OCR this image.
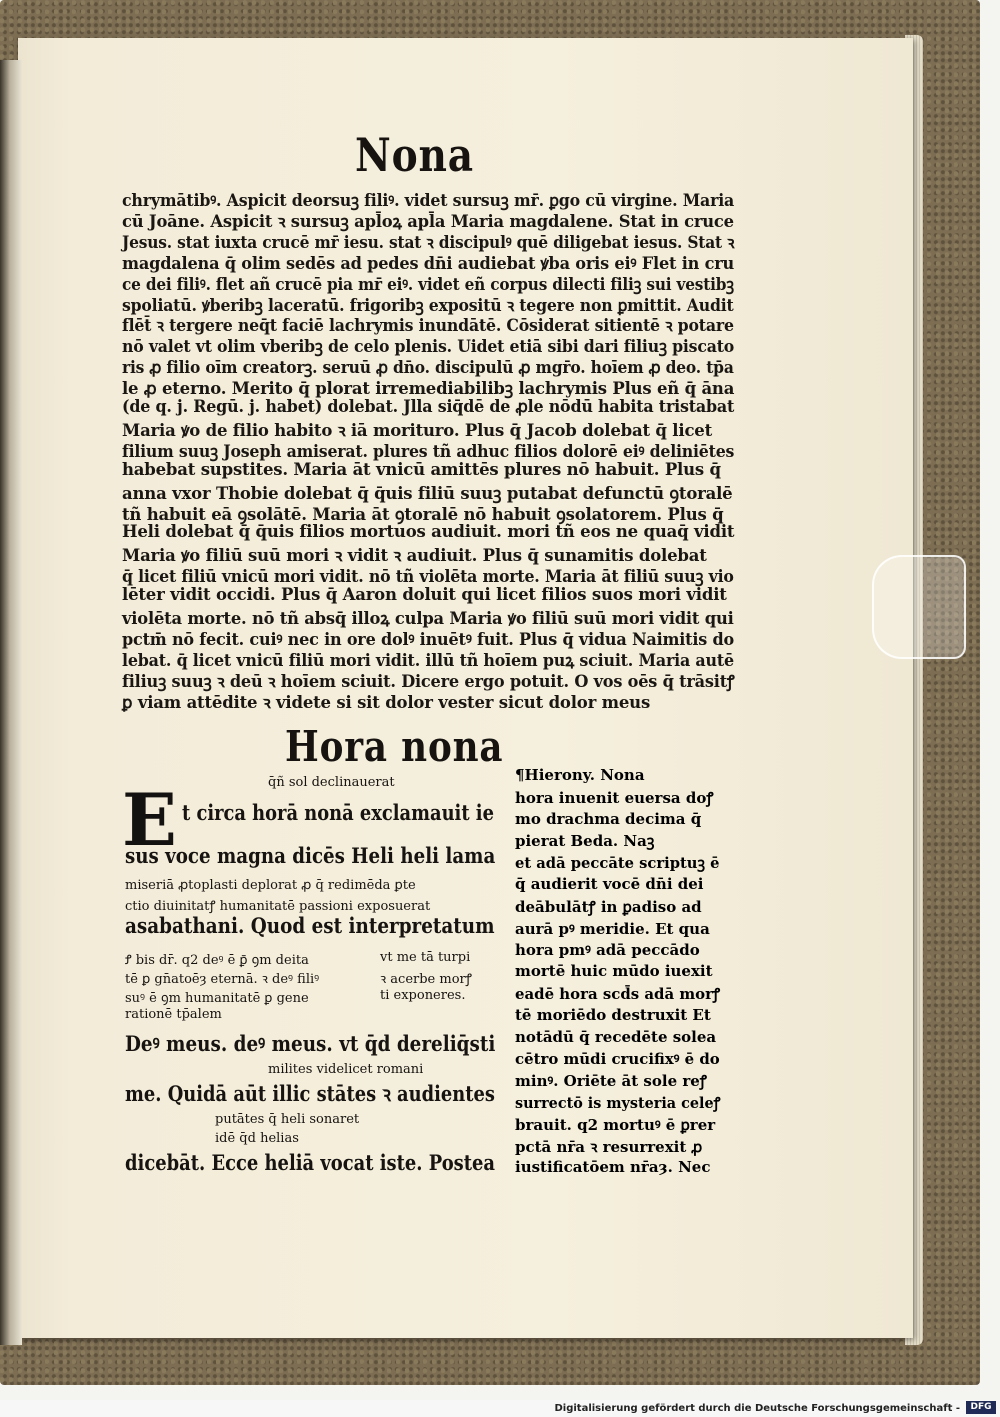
Nona
chrymātibꝰ. Aspicit deorsuꝫ filiꝰ. videt sursuꝫ mr̄. ꝑgo cū virgine. Maria
cū Joāne. Aspicit ꝛ sursuꝫ apl̄oꝝ apl̄a Maria magdalene. Stat in cruce
Jesus. stat iuxta crucē mr̄ iesu. stat ꝛ discipulꝰ quē diligebat iesus. Stat ꝛ
magdalena q̄ olim sedēs ad pedes dn̄i audiebat ꝟba oris eiꝰ Flet in cru
ce dei filiꝰ. flet añ crucē pia mr̄ eiꝰ. videt eñ corpus dilecti filiꝫ sui vestibꝫ
spoliatū. ꝟberibꝫ laceratū. frigoribꝫ expositū ꝛ tegere non ꝑmittit. Audit
flēt̄ ꝛ tergere neq̄t faciē lachrymis inundātē. Cōsiderat sitientē ꝛ potare
nō valet vt olim vberibꝫ de celo plenis. Uidet etiā sibi dari filiuꝫ piscato
ris ꝓ filio oīm creatorꝫ. seruū ꝓ dn̄o. discipulū ꝓ mgr̄o. hoīem ꝓ deo. tp̄a
le ꝓ eterno. Merito q̄ plorat irremediabilibꝫ lachrymis Plus eñ q̄ āna
(de q. j. Regū. j. habet) dolebat. Jlla siq̄dē de ꝓle nōdū habita tristabat
Maria ꝟo de filio habito ꝛ iā morituro. Plus q̄ Jacob dolebat q̄ licet
filium suuꝫ Joseph amiserat. plures tñ adhuc filios dolorē eiꝰ deliniētes
habebat supstites. Maria āt vnicū amittēs plures nō habuit. Plus q̄
anna vxor Thobie dolebat q̄ q̄uis filiū suuꝫ putabat defunctū ꝯtoralē
tñ habuit eā ꝯsolātē. Maria āt ꝯtoralē nō habuit ꝯsolatorem. Plus q̄
Heli dolebat q̄ q̄uis filios mortuos audiuit. mori tñ eos ne quaq̄ vidit
Maria ꝟo filiū suū mori ꝛ vidit ꝛ audiuit. Plus q̄ sunamitis dolebat
q̄ licet filiū vnicū mori vidit. nō tñ violēta morte. Maria āt filiū suuꝫ vio
lēter vidit occidi. Plus q̄ Aaron doluit qui licet filios suos mori vidit
violēta morte. nō tñ absq̄ illoꝝ culpa Maria ꝟo filiū suū mori vidit qui
pctm̄ nō fecit. cuiꝰ nec in ore dolꝰ inuētꝰ fuit. Plus q̄ vidua Naimitis do
lebat. q̄ licet vnicū filiū mori vidit. illū tñ hoīem puꝝ sciuit. Maria autē
filiuꝫ suuꝫ ꝛ deū ꝛ hoīem sciuit. Dicere ergo potuit. O vos oēs q̄ trāsitꝭ
ꝑ viam attēdite ꝛ videte si sit dolor vester sicut dolor meus
Hora nona
q̄ñ sol declinauerat
E t circa horā nonā exclamauit ie
sus voce magna dicēs Heli heli lama
miseriā ꝓtoplasti deplorat ꝓ q̄ redimēda ꝑte
ctio diuinitatꝭ humanitatē passioni exposuerat
asabathani. Quod est interpretatum
Ꝭ bis dr̄. q2 deꝰ ē ꝑ̄ ꝯm deita
tē ꝑ gn̄atoēȝ eternā. ꝛ deꝰ filiꝰ
suꝰ ē ꝯm humanitatē ꝑ gene
rationē tp̄alem
vt me tā turpi
ꝛ acerbe morꝭ
ti exponeres.
Deꝰ meus. deꝰ meus. vt q̄d dereliq̄sti
milites videlicet romani
me. Quidā aūt illic stātes ꝛ audientes
putātes q̄ heli sonaret
idē q̄d helias
dicebāt. Ecce heliā vocat iste. Postea
¶Hierony. Nona
hora inuenit euersa doꝭ
mo drachma decima q̄
pierat Beda. Naꝫ
et adā peccāte scriptuꝫ ē
q̄ audierit vocē dn̄i dei
deābulātꝭ in ꝑadiso ad
aurā pꝰ meridie. Et qua
hora pmꝰ adā peccādo
mortē huic mūdo iuexit
eadē hora scd̄s adā morꝭ
tē moriēdo destruxit Et
notādū q̄ recedēte solea
cētro mūdi crucifixꝰ ē do
minꝰ. Oriēte āt sole reꝭ
surrectō is mysteria celeꝭ
brauit. q2 mortuꝰ ē ꝑrer
pctā nr̄a ꝛ resurrexit ꝓ
iustificatōem nr̄aȝ. Nec
Digitalisierung gefördert durch die Deutsche Forschungsgemeinschaft -	DFG
